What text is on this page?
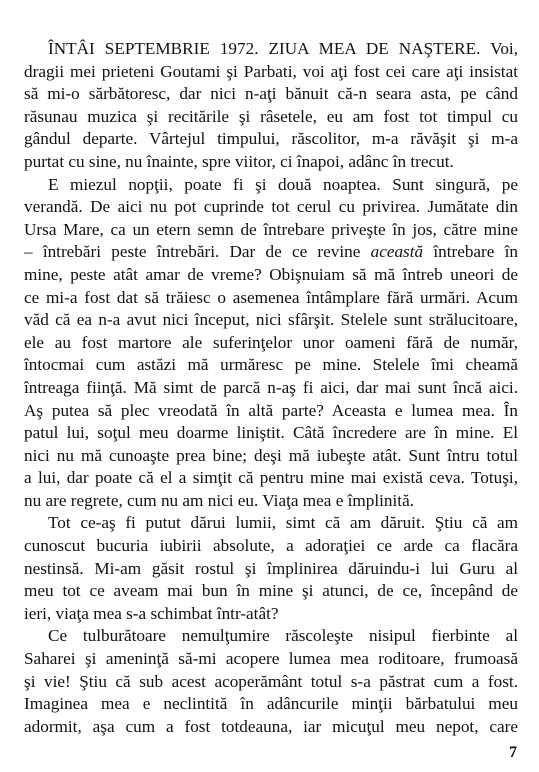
ÎNTÂI SEPTEMBRIE 1972. ZIUA MEA DE NAŞTERE. Voi,
dragii mei prieteni Goutami şi Parbati, voi aţi fost cei care aţi insistat
să mi-o sărbătoresc, dar nici n-aţi bănuit că-n seara asta, pe când
răsunau muzica şi recitările şi râsetele, eu am fost tot timpul cu
gândul departe. Vârtejul timpului, răscolitor, m-a răvăşit şi m-a
purtat cu sine, nu înainte, spre viitor, ci înapoi, adânc în trecut.
E miezul nopţii, poate fi şi două noaptea. Sunt singură, pe
verandă. De aici nu pot cuprinde tot cerul cu privirea. Jumătate din
Ursa Mare, ca un etern semn de întrebare priveşte în jos, către mine
– întrebări peste întrebări. Dar de ce revine această întrebare în
mine, peste atât amar de vreme? Obişnuiam să mă întreb uneori de
ce mi-a fost dat să trăiesc o asemenea întâmplare fără urmări. Acum
văd că ea n-a avut nici început, nici sfârşit. Stelele sunt strălucitoare,
ele au fost martore ale suferinţelor unor oameni fără de număr,
întocmai cum astăzi mă urmăresc pe mine. Stelele îmi cheamă
întreaga fiinţă. Mă simt de parcă n-aş fi aici, dar mai sunt încă aici.
Aş putea să plec vreodată în altă parte? Aceasta e lumea mea. În
patul lui, soţul meu doarme liniştit. Câtă încredere are în mine. El
nici nu mă cunoaşte prea bine; deşi mă iubeşte atât. Sunt întru totul
a lui, dar poate că el a simţit că pentru mine mai există ceva. Totuşi,
nu are regrete, cum nu am nici eu. Viaţa mea e împlinită.
Tot ce-aş fi putut dărui lumii, simt că am dăruit. Ştiu că am
cunoscut bucuria iubirii absolute, a adoraţiei ce arde ca flacăra
nestinsă. Mi-am găsit rostul şi împlinirea dăruindu-i lui Guru al
meu tot ce aveam mai bun în mine şi atunci, de ce, începând de
ieri, viaţa mea s-a schimbat într-atât?
Ce tulburătoare nemulţumire răscoleşte nisipul fierbinte al
Saharei şi ameninţă să-mi acopere lumea mea roditoare, frumoasă
şi vie! Ştiu că sub acest acoperământ totul s-a păstrat cum a fost.
Imaginea mea e neclintită în adâncurile minţii bărbatului meu
adormit, aşa cum a fost totdeauna, iar micuţul meu nepot, care
7
